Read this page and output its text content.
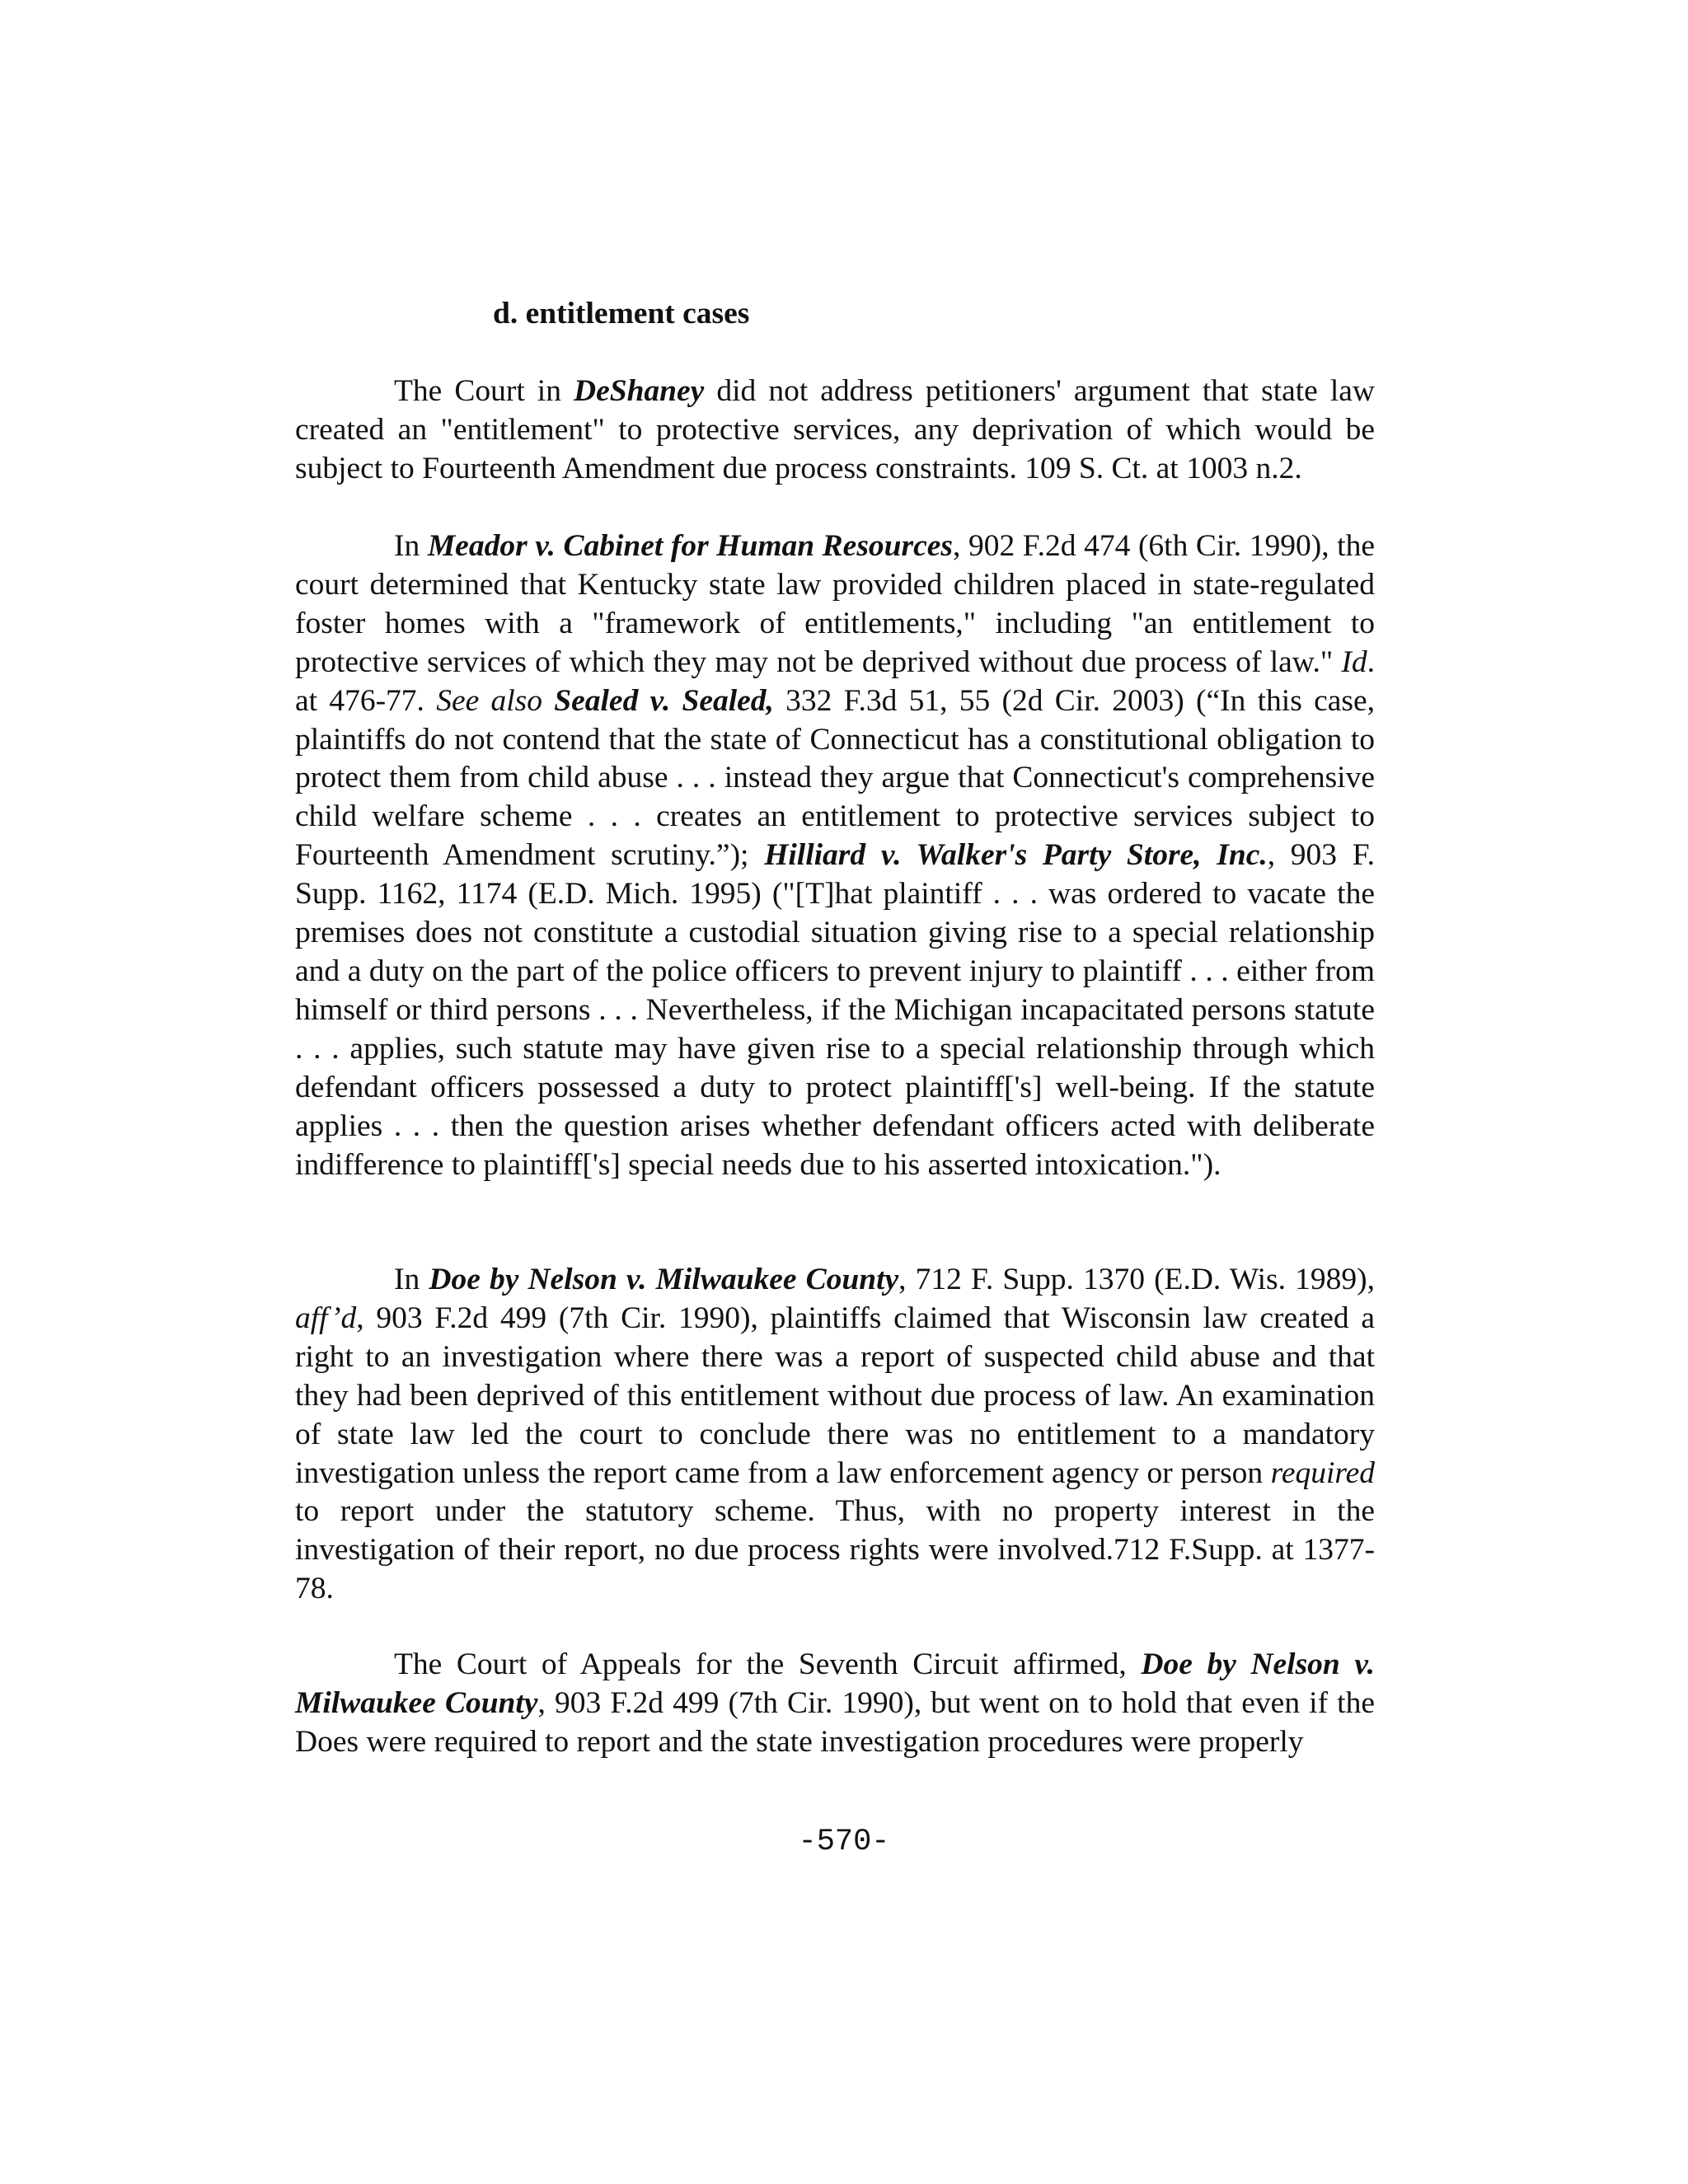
d. entitlement cases

The Court in DeShaney did not address petitioners' argument that state law created an "entitlement" to protective services, any deprivation of which would be subject to Fourteenth Amendment due process constraints. 109 S. Ct. at 1003 n.2.

In Meador v. Cabinet for Human Resources, 902 F.2d 474 (6th Cir. 1990), the court determined that Kentucky state law provided children placed in state-regulated foster homes with a "framework of entitlements," including "an entitlement to protective services of which they may not be deprived without due process of law." Id. at 476-77. See also Sealed v. Sealed, 332 F.3d 51, 55 (2d Cir. 2003) (“In this case, plaintiffs do not contend that the state of Connecticut has a constitutional obligation to protect them from child abuse . . . instead they argue that Connecticut's comprehensive child welfare scheme . . . creates an entitlement to protective services subject to Fourteenth Amendment scrutiny.”); Hilliard v. Walker's Party Store, Inc., 903 F. Supp. 1162, 1174 (E.D. Mich. 1995) ("[T]hat plaintiff . . . was ordered to vacate the premises does not constitute a custodial situation giving rise to a special relationship and a duty on the part of the police officers to prevent injury to plaintiff . . . either from himself or third persons . . . Nevertheless, if the Michigan incapacitated persons statute . . . applies, such statute may have given rise to a special relationship through which defendant officers possessed a duty to protect plaintiff['s] well-being. If the statute applies . . . then the question arises whether defendant officers acted with deliberate indifference to plaintiff['s] special needs due to his asserted intoxication.").

In Doe by Nelson v. Milwaukee County, 712 F. Supp. 1370 (E.D. Wis. 1989), aff’d, 903 F.2d 499 (7th Cir. 1990), plaintiffs claimed that Wisconsin law created a right to an investigation where there was a report of suspected child abuse and that they had been deprived of this entitlement without due process of law. An examination of state law led the court to conclude there was no entitlement to a mandatory investigation unless the report came from a law enforcement agency or person required to report under the statutory scheme. Thus, with no property interest in the investigation of their report, no due process rights were involved.712 F.Supp. at 1377-78.

The Court of Appeals for the Seventh Circuit affirmed, Doe by Nelson v. Milwaukee County, 903 F.2d 499 (7th Cir. 1990), but went on to hold that even if the Does were required to report and the state investigation procedures were properly

-570-
